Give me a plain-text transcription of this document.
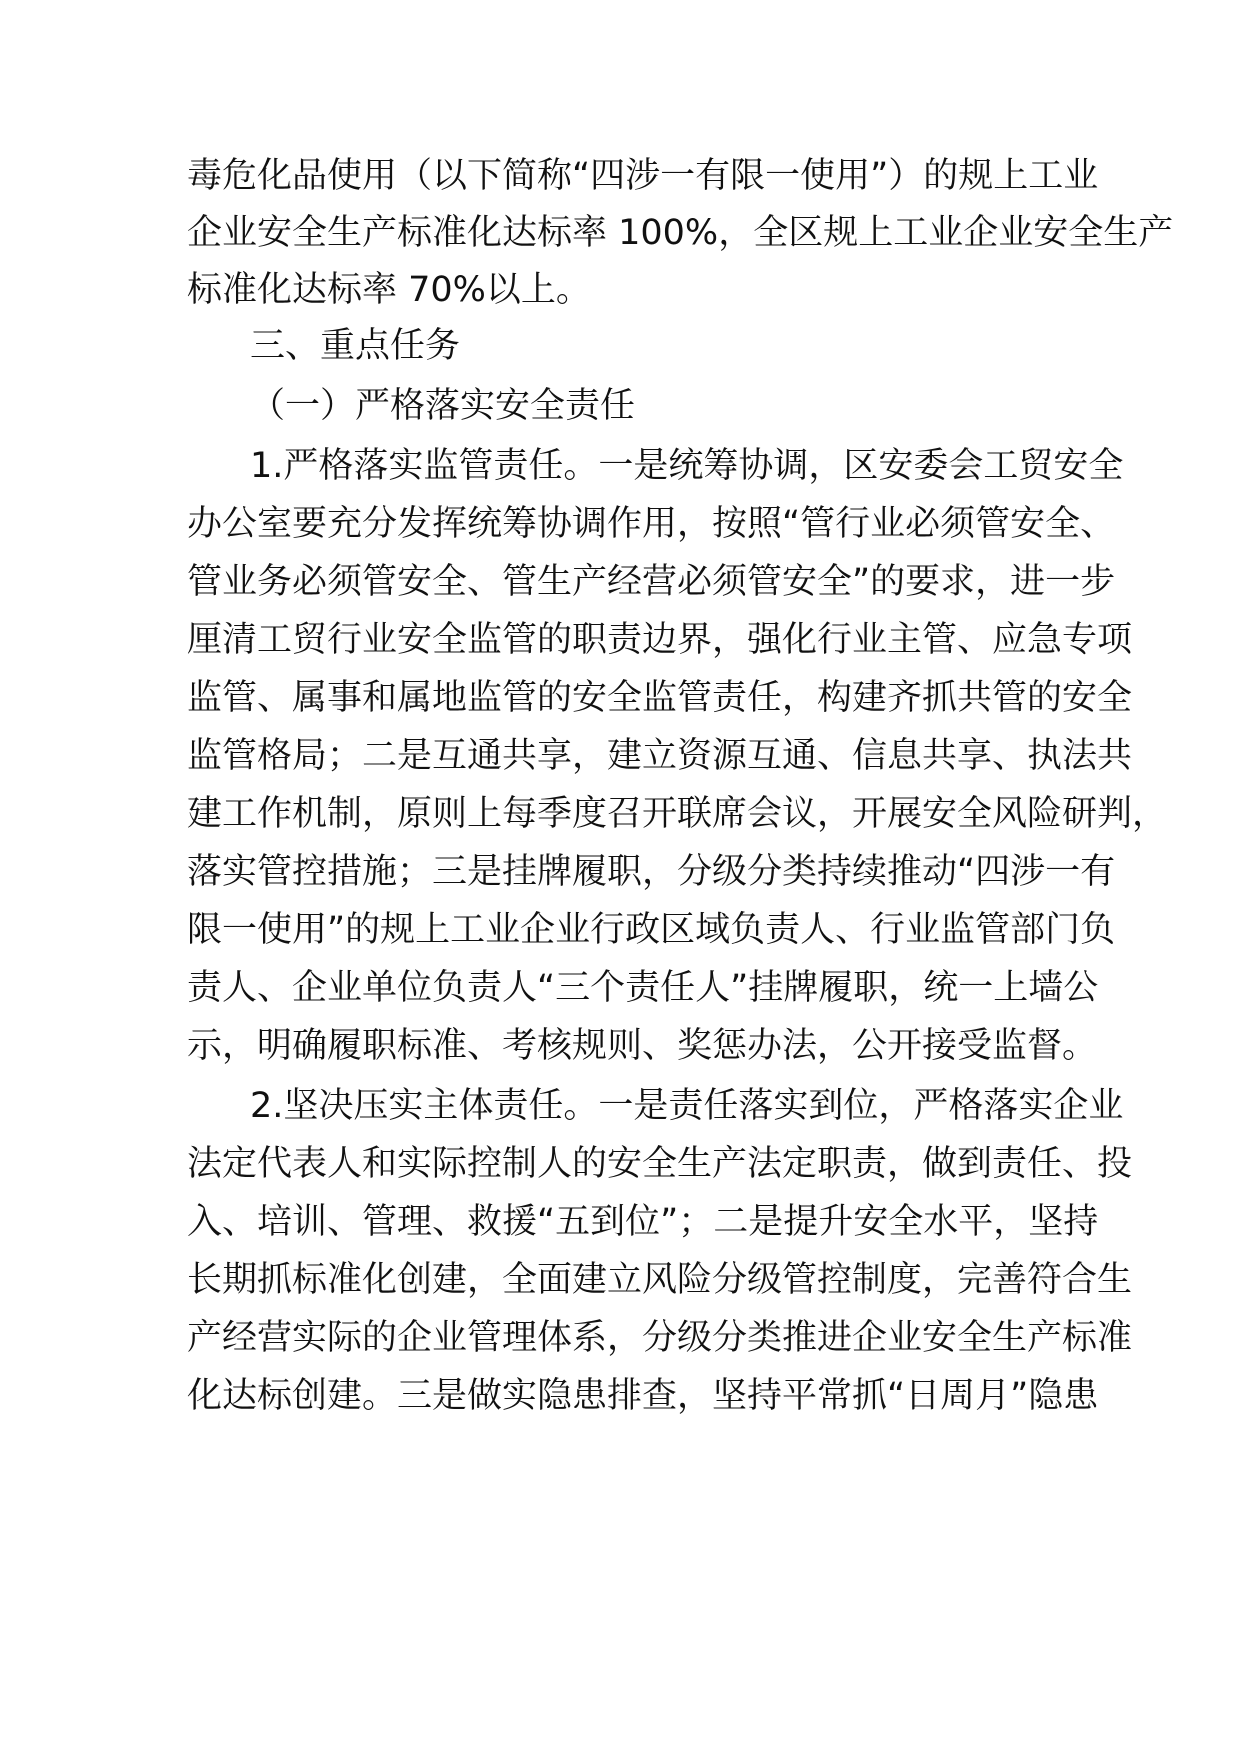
毒危化品使用（以下简称“四涉一有限一使用”）的规上工业
企业安全生产标准化达标率 100%，全区规上工业企业安全生产
标准化达标率 70%以上。
三、重点任务
（一）严格落实安全责任
1.严格落实监管责任。一是统筹协调，区安委会工贸安全
办公室要充分发挥统筹协调作用，按照“管行业必须管安全、
管业务必须管安全、管生产经营必须管安全”的要求，进一步
厘清工贸行业安全监管的职责边界，强化行业主管、应急专项
监管、属事和属地监管的安全监管责任，构建齐抓共管的安全
监管格局；二是互通共享，建立资源互通、信息共享、执法共
建工作机制，原则上每季度召开联席会议，开展安全风险研判，
落实管控措施；三是挂牌履职，分级分类持续推动“四涉一有
限一使用”的规上工业企业行政区域负责人、行业监管部门负
责人、企业单位负责人“三个责任人”挂牌履职，统一上墙公
示，明确履职标准、考核规则、奖惩办法，公开接受监督。
2.坚决压实主体责任。一是责任落实到位，严格落实企业
法定代表人和实际控制人的安全生产法定职责，做到责任、投
入、培训、管理、救援“五到位”；二是提升安全水平，坚持
长期抓标准化创建，全面建立风险分级管控制度，完善符合生
产经营实际的企业管理体系，分级分类推进企业安全生产标准
化达标创建。三是做实隐患排查，坚持平常抓“日周月”隐患
